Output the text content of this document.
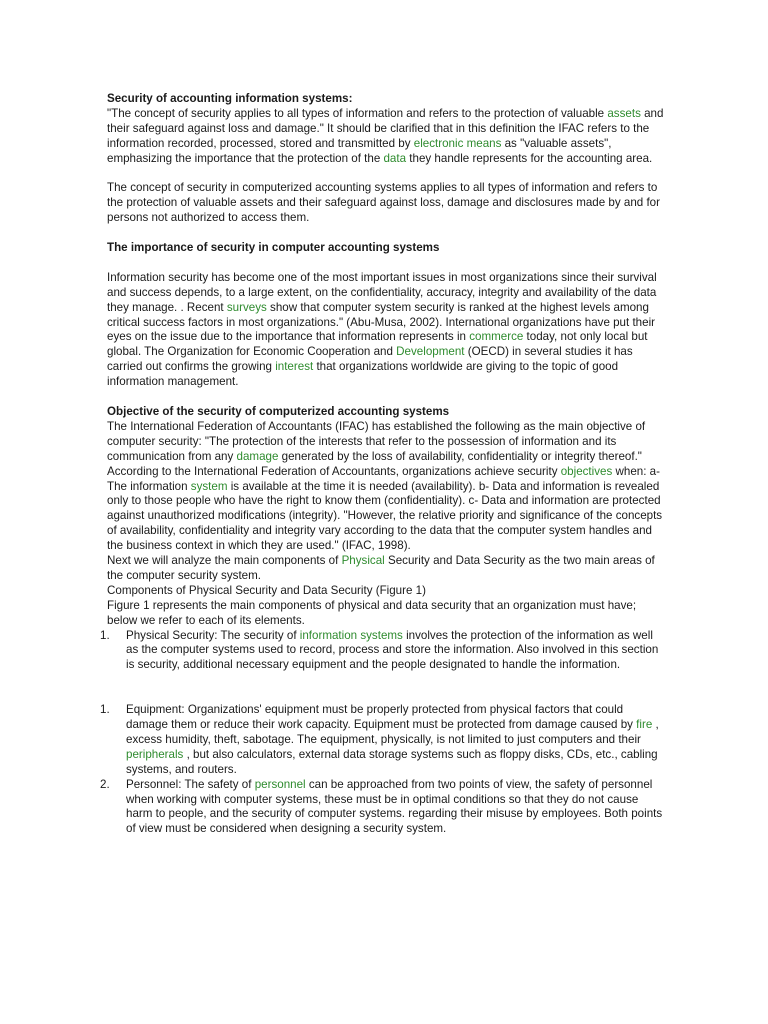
Security of accounting information systems:

"The concept of security applies to all types of information and refers to the protection of valuable assets and their safeguard against loss and damage." It should be clarified that in this definition the IFAC refers to the information recorded, processed, stored and transmitted by electronic means as "valuable assets", emphasizing the importance that the protection of the data they handle represents for the accounting area.

The concept of security in computerized accounting systems applies to all types of information and refers to the protection of valuable assets and their safeguard against loss, damage and disclosures made by and for persons not authorized to access them.

The importance of security in computer accounting systems

Information security has become one of the most important issues in most organizations since their survival and success depends, to a large extent, on the confidentiality, accuracy, integrity and availability of the data they manage. . Recent surveys show that computer system security is ranked at the highest levels among critical success factors in most organizations." (Abu-Musa, 2002). International organizations have put their eyes on the issue due to the importance that information represents in commerce today, not only local but global. The Organization for Economic Cooperation and Development (OECD) in several studies it has carried out confirms the growing interest that organizations worldwide are giving to the topic of good information management.

Objective of the security of computerized accounting systems

The International Federation of Accountants (IFAC) has established the following as the main objective of computer security: "The protection of the interests that refer to the possession of information and its communication from any damage generated by the loss of availability, confidentiality or integrity thereof." According to the International Federation of Accountants, organizations achieve security objectives when: a- The information system is available at the time it is needed (availability). b- Data and information is revealed only to those people who have the right to know them (confidentiality). c- Data and information are protected against unauthorized modifications (integrity). "However, the relative priority and significance of the concepts of availability, confidentiality and integrity vary according to the data that the computer system handles and the business context in which they are used." (IFAC, 1998).

Next we will analyze the main components of Physical Security and Data Security as the two main areas of the computer security system.

Components of Physical Security and Data Security (Figure 1)

Figure 1 represents the main components of physical and data security that an organization must have; below we refer to each of its elements.

1. Physical Security: The security of information systems involves the protection of the information as well as the computer systems used to record, process and store the information. Also involved in this section is security, additional necessary equipment and the people designated to handle the information.
1. Equipment: Organizations' equipment must be properly protected from physical factors that could damage them or reduce their work capacity. Equipment must be protected from damage caused by fire , excess humidity, theft, sabotage. The equipment, physically, is not limited to just computers and their peripherals , but also calculators, external data storage systems such as floppy disks, CDs, etc., cabling systems, and routers.
2. Personnel: The safety of personnel can be approached from two points of view, the safety of personnel when working with computer systems, these must be in optimal conditions so that they do not cause harm to people, and the security of computer systems. regarding their misuse by employees. Both points of view must be considered when designing a security system.
